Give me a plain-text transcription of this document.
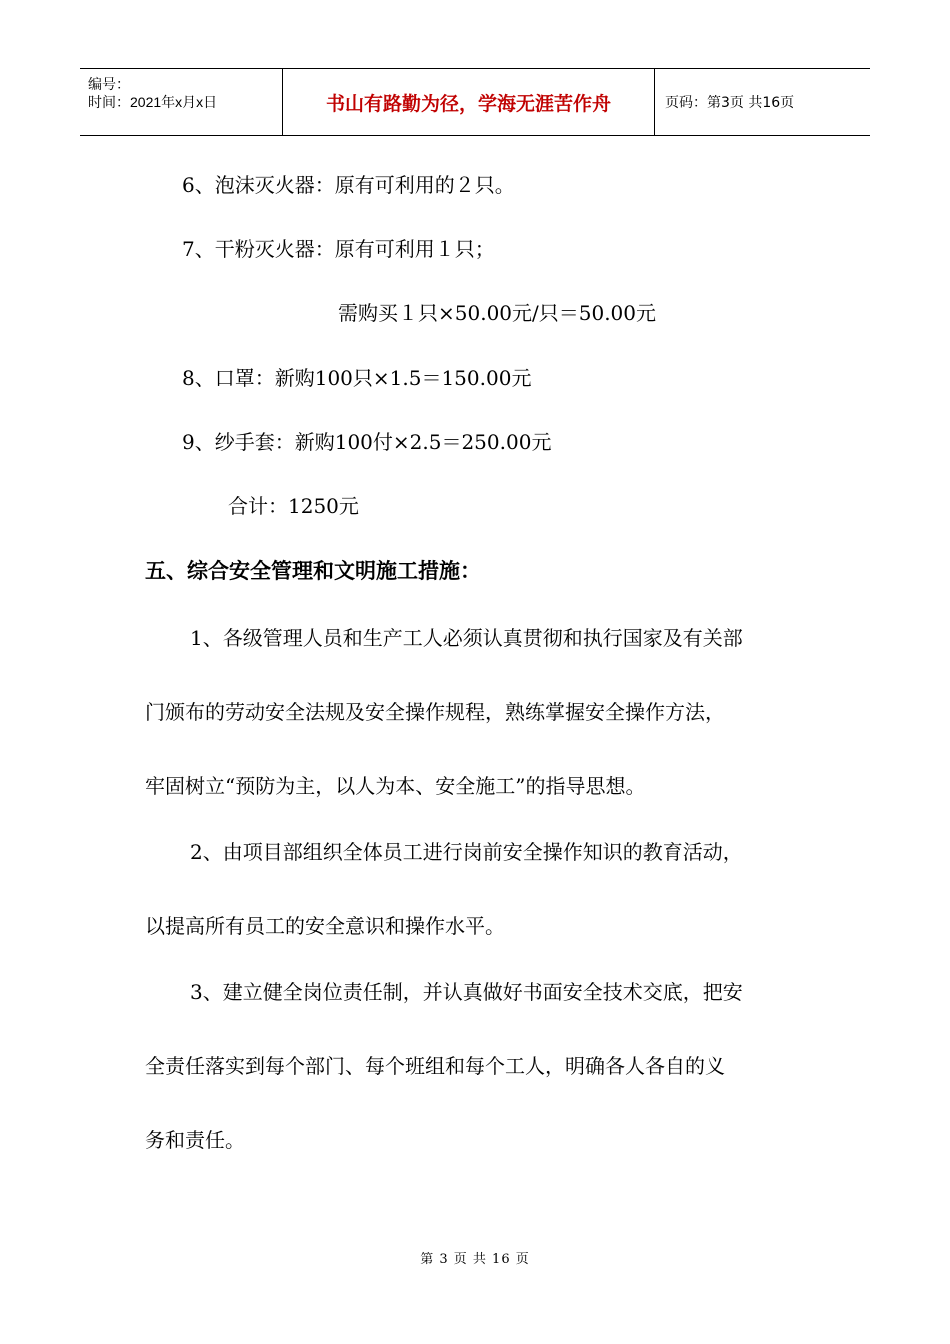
编号：
时间：2021年x月x日	书山有路勤为径，学海无涯苦作舟	页码：第3页 共16页
6、泡沫灭火器：原有可利用的２只。
7、干粉灭火器：原有可利用１只；
需购买１只×50.00元/只＝50.00元
8、口罩：新购100只×1.5＝150.00元
9、纱手套：新购100付×2.5＝250.00元
合计：1250元
五、综合安全管理和文明施工措施：
1、各级管理人员和生产工人必须认真贯彻和执行国家及有关部
门颁布的劳动安全法规及安全操作规程，熟练掌握安全操作方法，
牢固树立“预防为主，以人为本、安全施工”的指导思想。
2、由项目部组织全体员工进行岗前安全操作知识的教育活动，
以提高所有员工的安全意识和操作水平。
3、建立健全岗位责任制，并认真做好书面安全技术交底，把安
全责任落实到每个部门、每个班组和每个工人，明确各人各自的义
务和责任。
第 3 页 共 16 页
